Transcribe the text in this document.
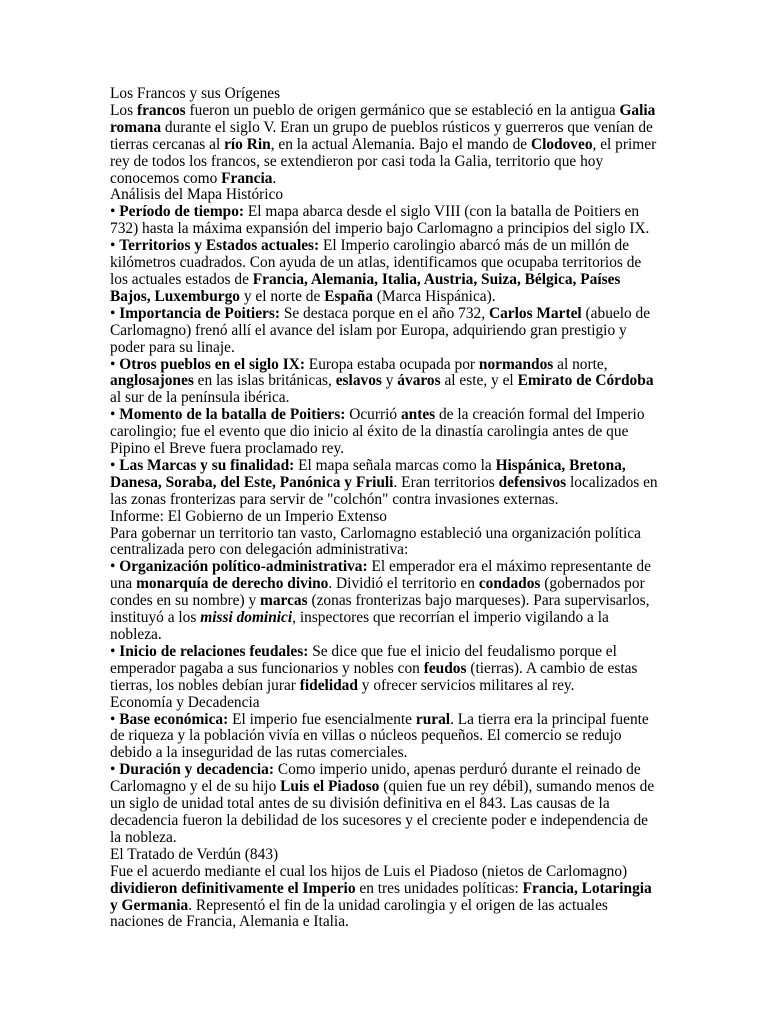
Los Francos y sus Orígenes

Los francos fueron un pueblo de origen germánico que se estableció en la antigua Galia romana durante el siglo V. Eran un grupo de pueblos rústicos y guerreros que venían de tierras cercanas al río Rin, en la actual Alemania. Bajo el mando de Clodoveo, el primer rey de todos los francos, se extendieron por casi toda la Galia, territorio que hoy conocemos como Francia.

Análisis del Mapa Histórico

• Período de tiempo: El mapa abarca desde el siglo VIII (con la batalla de Poitiers en 732) hasta la máxima expansión del imperio bajo Carlomagno a principios del siglo IX.

• Territorios y Estados actuales: El Imperio carolingio abarcó más de un millón de kilómetros cuadrados. Con ayuda de un atlas, identificamos que ocupaba territorios de los actuales estados de Francia, Alemania, Italia, Austria, Suiza, Bélgica, Países Bajos, Luxemburgo y el norte de España (Marca Hispánica).

• Importancia de Poitiers: Se destaca porque en el año 732, Carlos Martel (abuelo de Carlomagno) frenó allí el avance del islam por Europa, adquiriendo gran prestigio y poder para su linaje.

• Otros pueblos en el siglo IX: Europa estaba ocupada por normandos al norte, anglosajones en las islas británicas, eslavos y ávaros al este, y el Emirato de Córdoba al sur de la península ibérica.

• Momento de la batalla de Poitiers: Ocurrió antes de la creación formal del Imperio carolingio; fue el evento que dio inicio al éxito de la dinastía carolingia antes de que Pipino el Breve fuera proclamado rey.

• Las Marcas y su finalidad: El mapa señala marcas como la Hispánica, Bretona, Danesa, Soraba, del Este, Panónica y Friuli. Eran territorios defensivos localizados en las zonas fronterizas para servir de "colchón" contra invasiones externas.

Informe: El Gobierno de un Imperio Extenso

Para gobernar un territorio tan vasto, Carlomagno estableció una organización política centralizada pero con delegación administrativa:

• Organización político-administrativa: El emperador era el máximo representante de una monarquía de derecho divino. Dividió el territorio en condados (gobernados por condes en su nombre) y marcas (zonas fronterizas bajo marqueses). Para supervisarlos, instituyó a los missi dominici, inspectores que recorrían el imperio vigilando a la nobleza.

• Inicio de relaciones feudales: Se dice que fue el inicio del feudalismo porque el emperador pagaba a sus funcionarios y nobles con feudos (tierras). A cambio de estas tierras, los nobles debían jurar fidelidad y ofrecer servicios militares al rey.

Economía y Decadencia

• Base económica: El imperio fue esencialmente rural. La tierra era la principal fuente de riqueza y la población vivía en villas o núcleos pequeños. El comercio se redujo debido a la inseguridad de las rutas comerciales.

• Duración y decadencia: Como imperio unido, apenas perduró durante el reinado de Carlomagno y el de su hijo Luis el Piadoso (quien fue un rey débil), sumando menos de un siglo de unidad total antes de su división definitiva en el 843. Las causas de la decadencia fueron la debilidad de los sucesores y el creciente poder e independencia de la nobleza.

El Tratado de Verdún (843)

Fue el acuerdo mediante el cual los hijos de Luis el Piadoso (nietos de Carlomagno) dividieron definitivamente el Imperio en tres unidades políticas: Francia, Lotaringia y Germania. Representó el fin de la unidad carolingia y el origen de las actuales naciones de Francia, Alemania e Italia.
